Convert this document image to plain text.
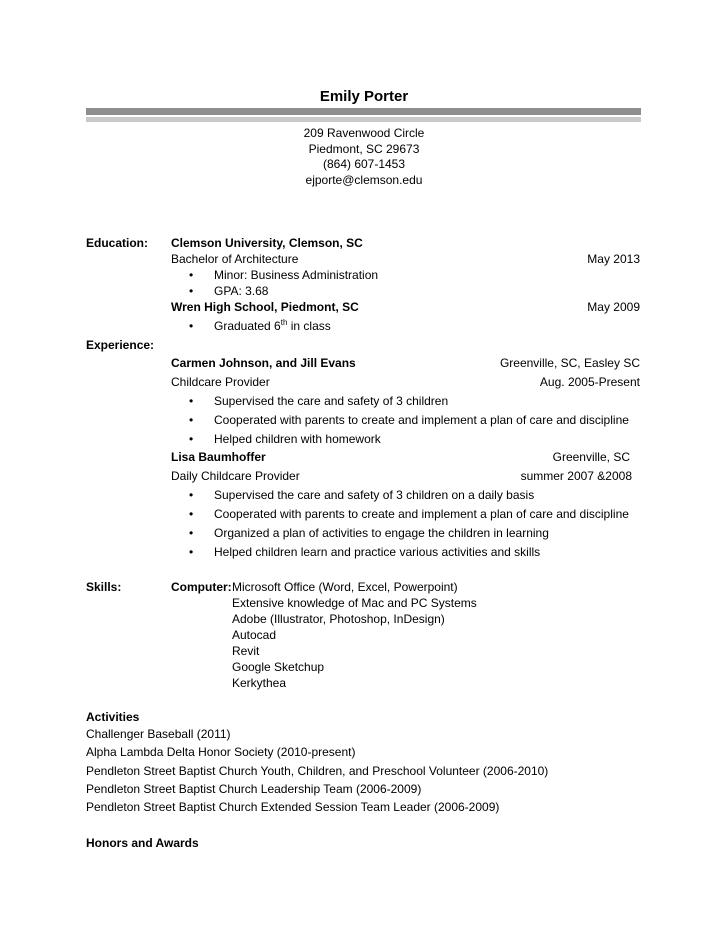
Emily Porter
209 Ravenwood Circle
Piedmont, SC 29673
(864) 607-1453
ejporte@clemson.edu
Education: Clemson University, Clemson, SC
Bachelor of Architecture	May 2013
• Minor: Business Administration
• GPA: 3.68
Wren High School, Piedmont, SC	May 2009
• Graduated 6th in class
Experience:
Carmen Johnson, and Jill Evans	Greenville, SC, Easley SC
Childcare Provider	Aug. 2005-Present
• Supervised the care and safety of 3 children
• Cooperated with parents to create and implement a plan of care and discipline
• Helped children with homework
Lisa Baumhoffer	Greenville, SC
Daily Childcare Provider	summer 2007 &2008
• Supervised the care and safety of 3 children on a daily basis
• Cooperated with parents to create and implement a plan of care and discipline
• Organized a plan of activities to engage the children in learning
• Helped children learn and practice various activities and skills
Skills:	Computer: Microsoft Office (Word, Excel, Powerpoint)
Extensive knowledge of Mac and PC Systems
Adobe (Illustrator, Photoshop, InDesign)
Autocad
Revit
Google Sketchup
Kerkythea
Activities
Challenger Baseball (2011)
Alpha Lambda Delta Honor Society (2010-present)
Pendleton Street Baptist Church Youth, Children, and Preschool Volunteer (2006-2010)
Pendleton Street Baptist Church Leadership Team (2006-2009)
Pendleton Street Baptist Church Extended Session Team Leader (2006-2009)
Honors and Awards
